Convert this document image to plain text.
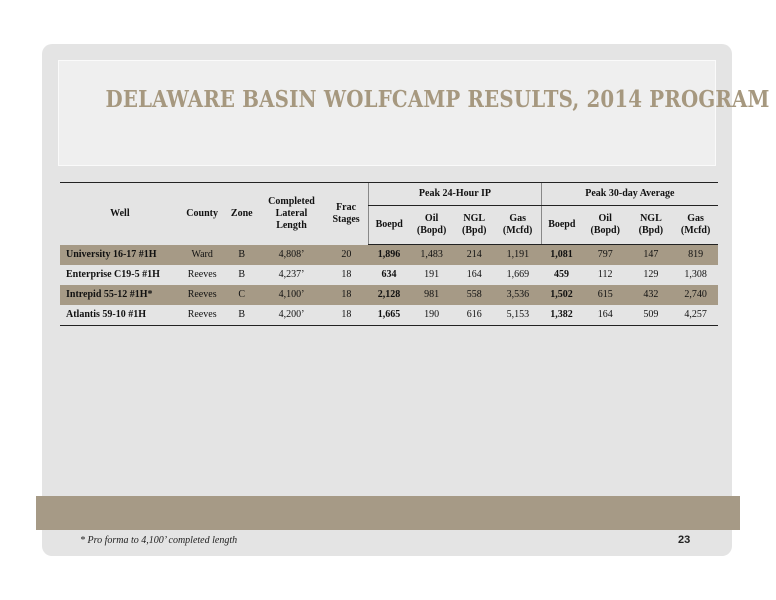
DELAWARE BASIN WOLFCAMP RESULTS, 2014 PROGRAM
Well	County	Zone	Completed Lateral Length	Frac Stages	Peak 24-Hour IP				Peak 30-day Average			
					Boepd	Oil (Bopd)	NGL (Bpd)	Gas (Mcfd)	Boepd	Oil (Bopd)	NGL (Bpd)	Gas (Mcfd)
University 16-17 #1H	Ward	B	4,808’	20	1,896	1,483	214	1,191	1,081	797	147	819
Enterprise C19-5 #1H	Reeves	B	4,237’	18	634	191	164	1,669	459	112	129	1,308
Intrepid 55-12 #1H*	Reeves	C	4,100’	18	2,128	981	558	3,536	1,502	615	432	2,740
Atlantis 59-10 #1H	Reeves	B	4,200’	18	1,665	190	616	5,153	1,382	164	509	4,257
* Pro forma to 4,100’ completed length	23
